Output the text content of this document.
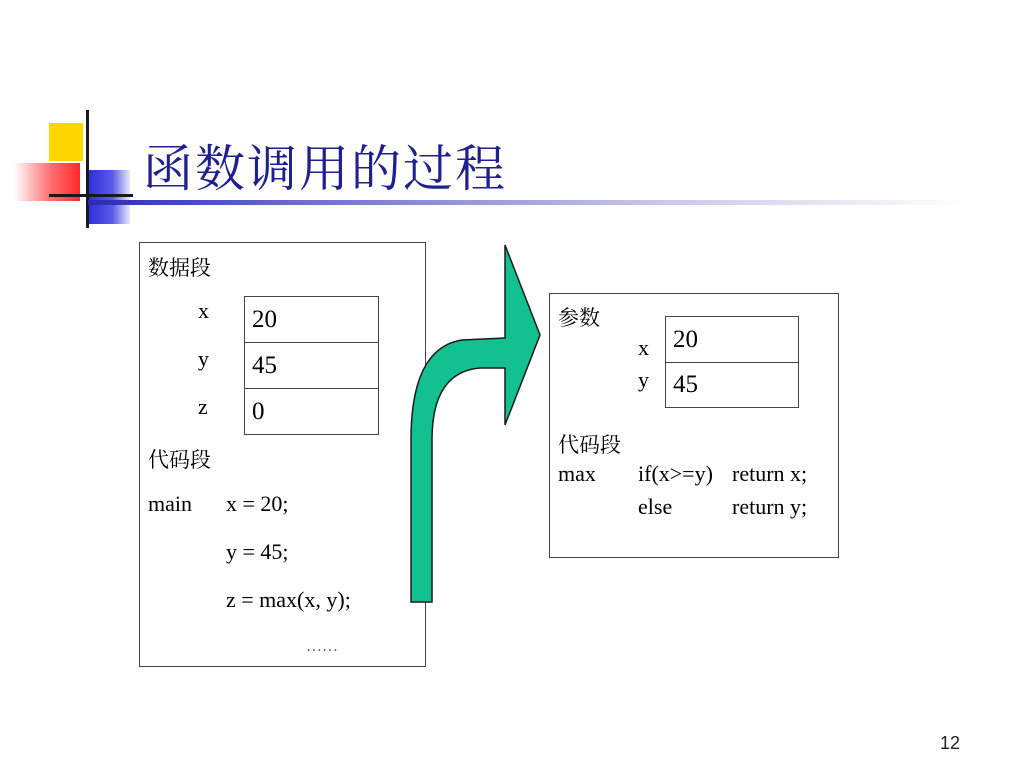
函数调用的过程
数据段
x
y
z
20
45
0
代码段
main x = 20;
y = 45;
z = max(x, y);
……
参数
x
y
20
45
代码段
max if(x>=y) return x;
else	return y;
12
